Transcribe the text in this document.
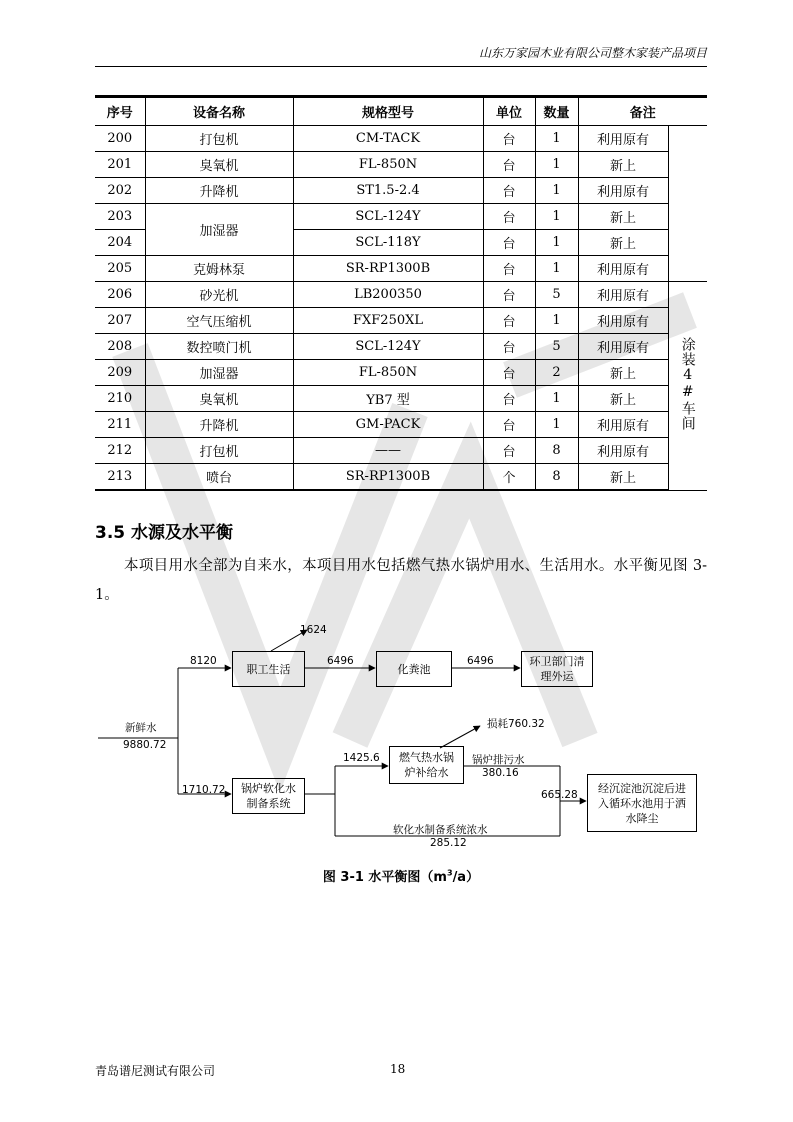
山东万家园木业有限公司整木家装产品项目
序号	设备名称	规格型号	单位	数量	备注	
200	打包机	CM-TACK	台	1	利用原有	
201	臭氧机	FL-850N	台	1	新上	
202	升降机	ST1.5-2.4	台	1	利用原有	
203	加湿器	SCL-124Y	台	1	新上	
204		SCL-118Y	台	1	新上	
205	克姆林泵	SR-RP1300B	台	1	利用原有	
206	砂光机	LB200350	台	5	利用原有	涂装4#车间
207	空气压缩机	FXF250XL	台	1	利用原有	
208	数控喷门机	SCL-124Y	台	5	利用原有	
209	加湿器	FL-850N	台	2	新上	
210	臭氧机	YB7 型	台	1	新上	
211	升降机	GM-PACK	台	1	利用原有	
212	打包机	——	台	8	利用原有	
213	喷台	SR-RP1300B	个	8	新上	
3.5 水源及水平衡
本项目用水全部为自来水，本项目用水包括燃气热水锅炉用水、生活用水。水平衡见图 3-1。
1624
8120	6496	6496
新鲜水
9880.72
损耗760.32
1425.6	锅炉排污水
380.16
1710.72	665.28
软化水制备系统浓水
285.12
职工生活	化粪池
环卫部门清理外运
锅炉软化水制备系统
燃气热水锅炉补给水
经沉淀池沉淀后进入循环水池用于洒水降尘
图 3-1 水平衡图$(m^3/a)$
青岛谱尼测试有限公司	18
